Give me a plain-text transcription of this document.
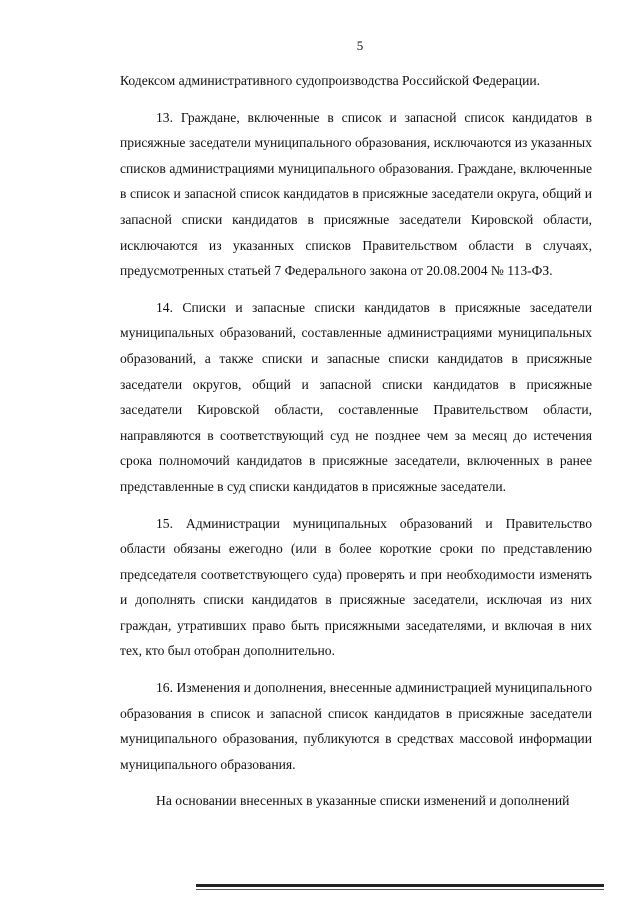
5

Кодексом административного судопроизводства Российской Федерации.

13. Граждане, включенные в список и запасной список кандидатов в присяжные заседатели муниципального образования, исключаются из указанных списков администрациями муниципального образования. Граждане, включенные в список и запасной список кандидатов в присяжные заседатели округа, общий и запасной списки кандидатов в присяжные заседатели Кировской области, исключаются из указанных списков Правительством области в случаях, предусмотренных статьей 7 Федерального закона от 20.08.2004 № 113-ФЗ.

14. Списки и запасные списки кандидатов в присяжные заседатели муниципальных образований, составленные администрациями муниципальных образований, а также списки и запасные списки кандидатов в присяжные заседатели округов, общий и запасной списки кандидатов в присяжные заседатели Кировской области, составленные Правительством области, направляются в соответствующий суд не позднее чем за месяц до истечения срока полномочий кандидатов в присяжные заседатели, включенных в ранее представленные в суд списки кандидатов в присяжные заседатели.

15. Администрации муниципальных образований и Правительство области обязаны ежегодно (или в более короткие сроки по представлению председателя соответствующего суда) проверять и при необходимости изменять и дополнять списки кандидатов в присяжные заседатели, исключая из них граждан, утративших право быть присяжными заседателями, и включая в них тех, кто был отобран дополнительно.

16. Изменения и дополнения, внесенные администрацией муниципального образования в список и запасной список кандидатов в присяжные заседатели муниципального образования, публикуются в средствах массовой информации муниципального образования.

На основании внесенных в указанные списки изменений и дополнений
